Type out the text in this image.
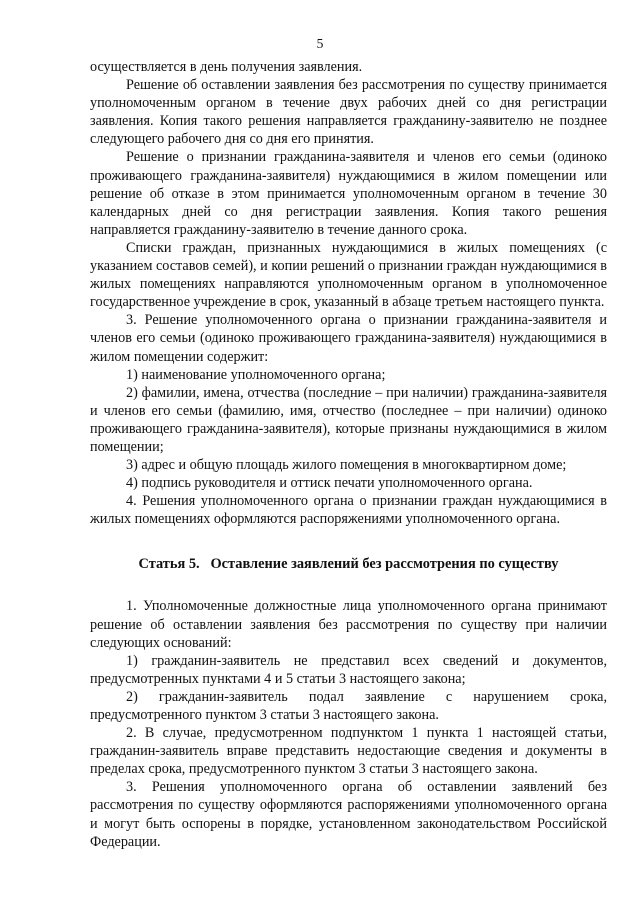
5

осуществляется в день получения заявления.

Решение об оставлении заявления без рассмотрения по существу принимается уполномоченным органом в течение двух рабочих дней со дня регистрации заявления. Копия такого решения направляется гражданину-заявителю не позднее следующего рабочего дня со дня его принятия.

Решение о признании гражданина-заявителя и членов его семьи (одиноко проживающего гражданина-заявителя) нуждающимися в жилом помещении или решение об отказе в этом принимается уполномоченным органом в течение 30 календарных дней со дня регистрации заявления. Копия такого решения направляется гражданину-заявителю в течение данного срока.

Списки граждан, признанных нуждающимися в жилых помещениях (с указанием составов семей), и копии решений о признании граждан нуждающимися в жилых помещениях направляются уполномоченным органом в уполномоченное государственное учреждение в срок, указанный в абзаце третьем настоящего пункта.

3. Решение уполномоченного органа о признании гражданина-заявителя и членов его семьи (одиноко проживающего гражданина-заявителя) нуждающимися в жилом помещении содержит:

1) наименование уполномоченного органа;

2) фамилии, имена, отчества (последние – при наличии) гражданина-заявителя и членов его семьи (фамилию, имя, отчество (последнее – при наличии) одиноко проживающего гражданина-заявителя), которые признаны нуждающимися в жилом помещении;

3) адрес и общую площадь жилого помещения в многоквартирном доме;

4) подпись руководителя и оттиск печати уполномоченного органа.

4. Решения уполномоченного органа о признании граждан нуждающимися в жилых помещениях оформляются распоряжениями уполномоченного органа.

Статья 5.   Оставление заявлений без рассмотрения по существу

1. Уполномоченные должностные лица уполномоченного органа принимают решение об оставлении заявления без рассмотрения по существу при наличии следующих оснований:

1) гражданин-заявитель не представил всех сведений и документов, предусмотренных пунктами 4 и 5 статьи 3 настоящего закона;

2) гражданин-заявитель подал заявление с нарушением срока, предусмотренного пунктом 3 статьи 3 настоящего закона.

2. В случае, предусмотренном подпунктом 1 пункта 1 настоящей статьи, гражданин-заявитель вправе представить недостающие сведения и документы в пределах срока, предусмотренного пунктом 3 статьи 3 настоящего закона.

3. Решения уполномоченного органа об оставлении заявлений без рассмотрения по существу оформляются распоряжениями уполномоченного органа и могут быть оспорены в порядке, установленном законодательством Российской Федерации.
